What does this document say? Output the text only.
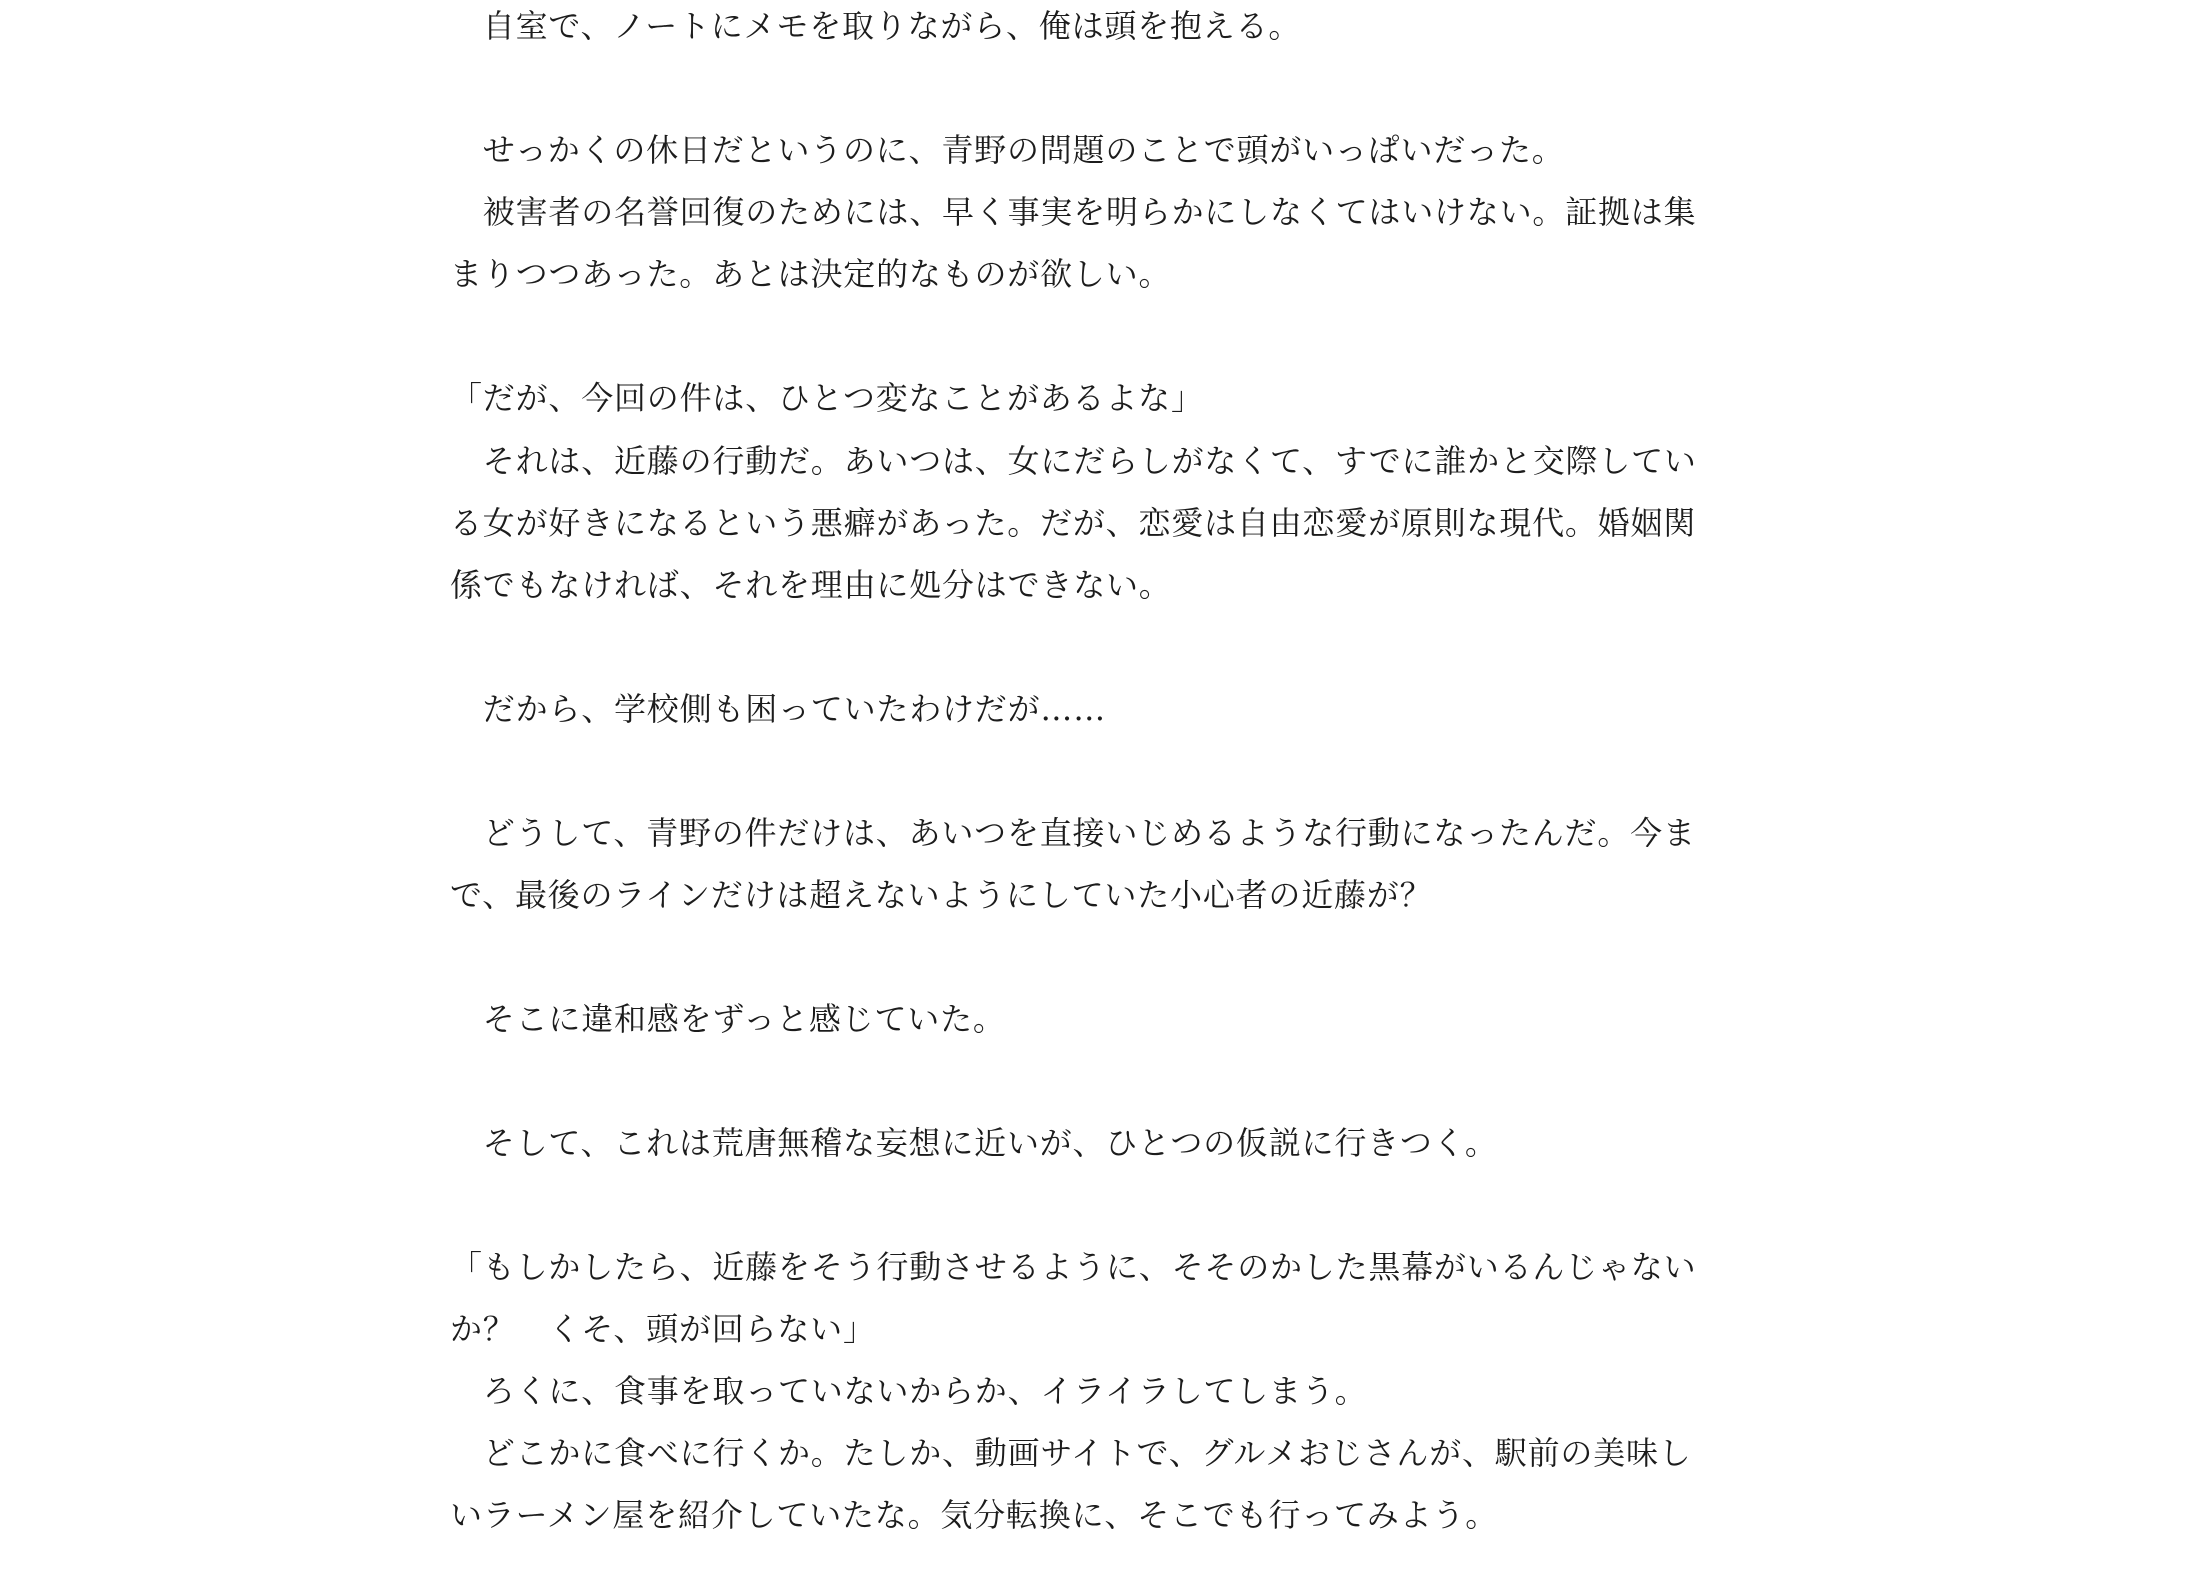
　自室で、ノートにメモを取りながら、俺は頭を抱える。
　せっかくの休日だというのに、青野の問題のことで頭がいっぱいだった。
　被害者の名誉回復のためには、早く事実を明らかにしなくてはいけない。証拠は集
まりつつあった。あとは決定的なものが欲しい。
「だが、今回の件は、ひとつ変なことがあるよな」
　それは、近藤の行動だ。あいつは、女にだらしがなくて、すでに誰かと交際してい
る女が好きになるという悪癖があった。だが、恋愛は自由恋愛が原則な現代。婚姻関
係でもなければ、それを理由に処分はできない。
　だから、学校側も困っていたわけだが……
　どうして、青野の件だけは、あいつを直接いじめるような行動になったんだ。今ま
で、最後のラインだけは超えないようにしていた小心者の近藤が？
　そこに違和感をずっと感じていた。
　そして、これは荒唐無稽な妄想に近いが、ひとつの仮説に行きつく。
「もしかしたら、近藤をそう行動させるように、そそのかした黒幕がいるんじゃない
か？　くそ、頭が回らない」
　ろくに、食事を取っていないからか、イライラしてしまう。
　どこかに食べに行くか。たしか、動画サイトで、グルメおじさんが、駅前の美味し
いラーメン屋を紹介していたな。気分転換に、そこでも行ってみよう。
